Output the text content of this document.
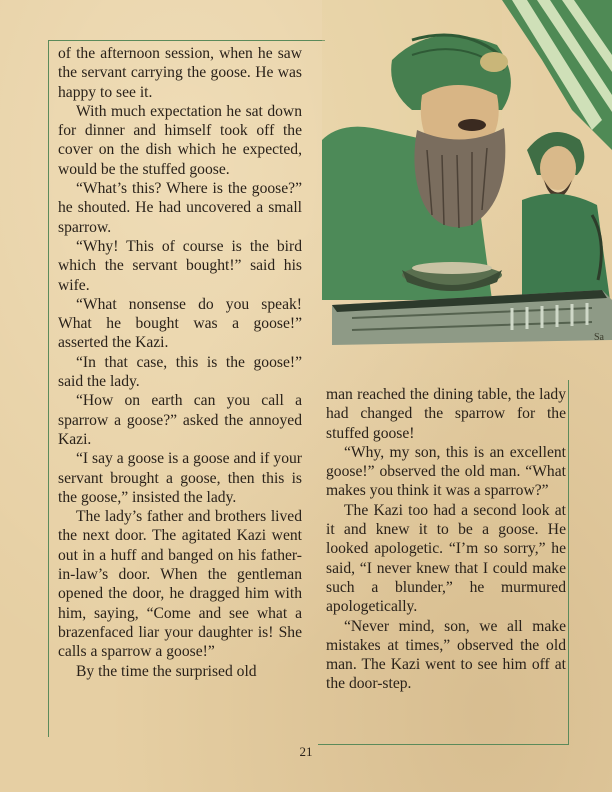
of the afternoon session, when he saw the servant carrying the goose. He was happy to see it.

With much expectation he sat down for dinner and himself took off the cover on the dish which he expected, would be the stuffed goose.

“What’s this? Where is the goose?” he shouted. He had uncovered a small sparrow.

“Why! This of course is the bird which the servant bought!” said his wife.

“What nonsense do you speak! What he bought was a goose!” asserted the Kazi.

“In that case, this is the goose!” said the lady.

“How on earth can you call a sparrow a goose?” asked the annoyed Kazi.

“I say a goose is a goose and if your servant brought a goose, then this is the goose,” insisted the lady.

The lady’s father and brothers lived the next door. The agitated Kazi went out in a huff and banged on his father-in-law’s door. When the gentleman opened the door, he dragged him with him, saying, “Come and see what a brazenfaced liar your daughter is! She calls a sparrow a goose!”

By the time the surprised old

man reached the dining table, the lady had changed the sparrow for the stuffed goose!

“Why, my son, this is an excellent goose!” observed the old man. “What makes you think it was a sparrow?”

The Kazi too had a second look at it and knew it to be a goose. He looked apologetic. “I’m so sorry,” he said, “I never knew that I could make such a blunder,” he murmured apologetically.

“Never mind, son, we all make mistakes at times,” observed the old man. The Kazi went to see him off at the door-step.

Sa
21
